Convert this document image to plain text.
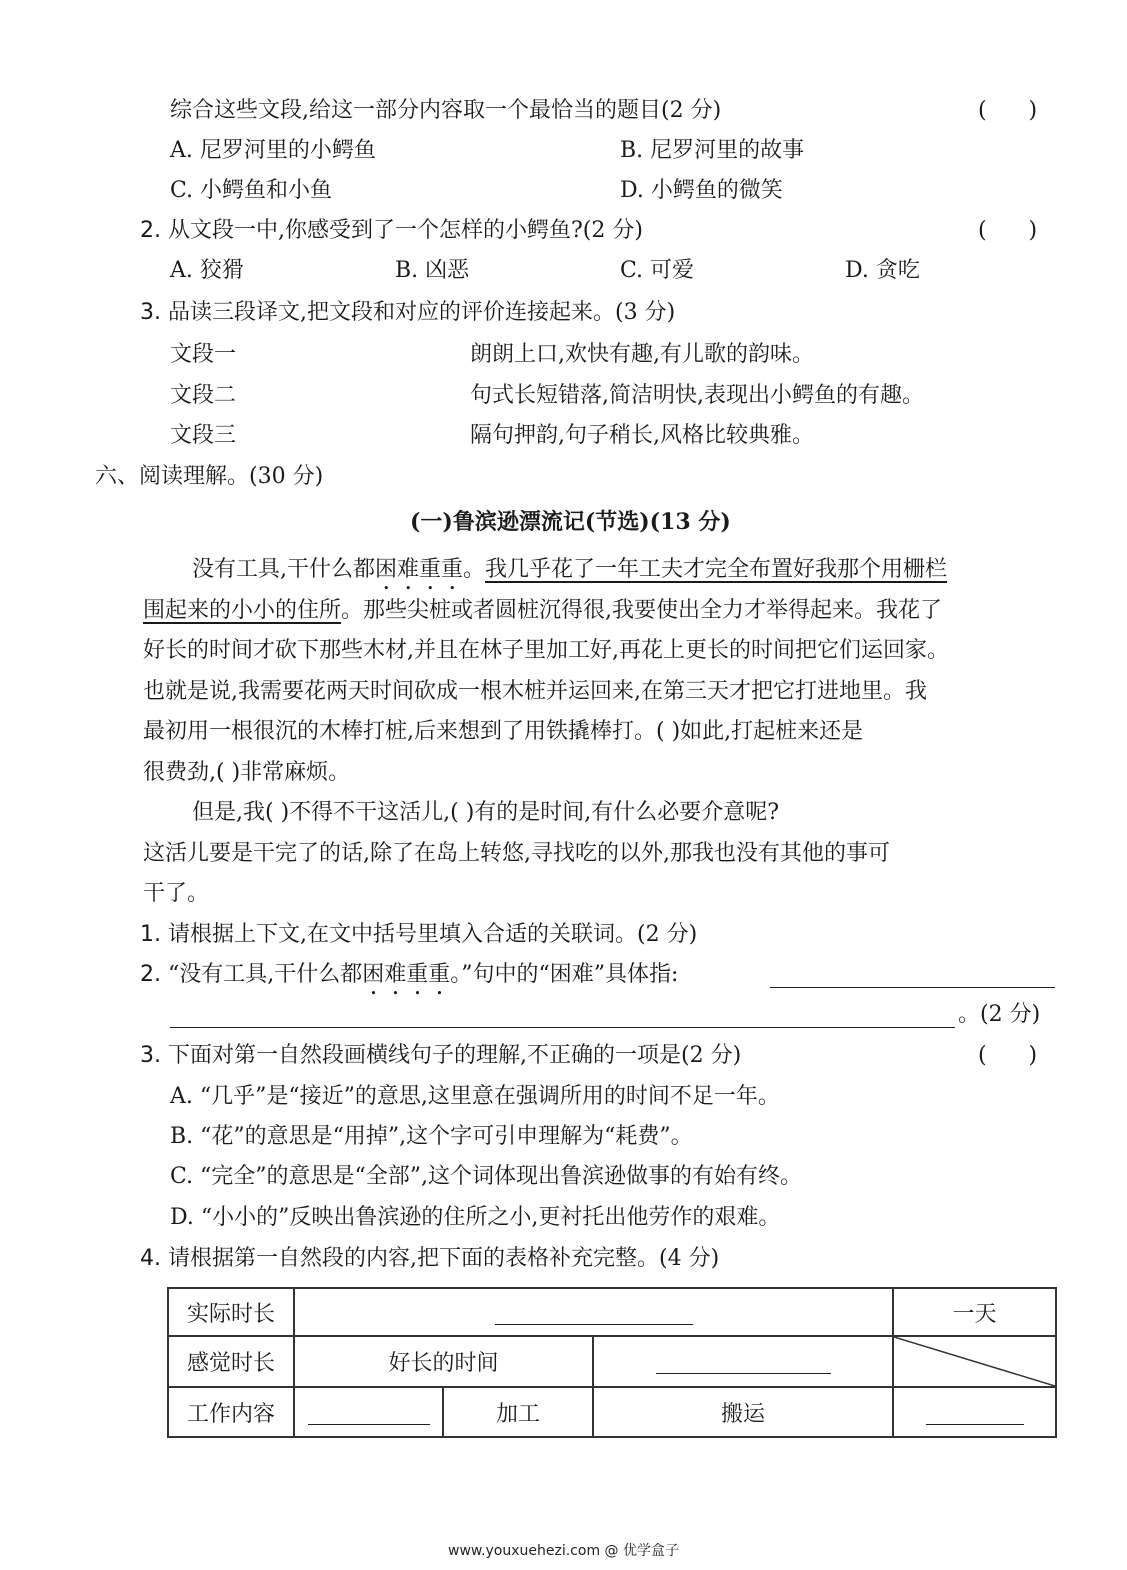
综合这些文段,给这一部分内容取一个最恰当的题目(2 分)	(      )
A. 尼罗河里的小鳄鱼	B. 尼罗河里的故事
C. 小鳄鱼和小鱼	D. 小鳄鱼的微笑
2. 从文段一中,你感受到了一个怎样的小鳄鱼?(2 分)	(      )
A. 狡猾	B. 凶恶	C. 可爱	D. 贪吃
3. 品读三段译文,把文段和对应的评价连接起来。(3 分)
文段一	朗朗上口,欢快有趣,有儿歌的韵味。
文段二	句式长短错落,简洁明快,表现出小鳄鱼的有趣。
文段三	隔句押韵,句子稍长,风格比较典雅。
六、阅读理解。(30 分)
(一)鲁滨逊漂流记(节选)(13 分)
没有工具,干什么都困难重重。我几乎花了一年工夫才完全布置好我那个用栅栏
围起来的小小的住所。那些尖桩或者圆桩沉得很,我要使出全力才举得起来。我花了
好长的时间才砍下那些木材,并且在林子里加工好,再花上更长的时间把它们运回家。
也就是说,我需要花两天时间砍成一根木桩并运回来,在第三天才把它打进地里。我
最初用一根很沉的木棒打桩,后来想到了用铁撬棒打。( )如此,打起桩来还是
很费劲,( )非常麻烦。
但是,我( )不得不干这活儿,( )有的是时间,有什么必要介意呢?
这活儿要是干完了的话,除了在岛上转悠,寻找吃的以外,那我也没有其他的事可
干了。
1. 请根据上下文,在文中括号里填入合适的关联词。(2 分)
2. “没有工具,干什么都困难重重。”句中的“困难”具体指:
。(2 分)
3. 下面对第一自然段画横线句子的理解,不正确的一项是(2 分)	(      )
A. “几乎”是“接近”的意思,这里意在强调所用的时间不足一年。
B. “花”的意思是“用掉”,这个字可引申理解为“耗费”。
C. “完全”的意思是“全部”,这个词体现出鲁滨逊做事的有始有终。
D. “小小的”反映出鲁滨逊的住所之小,更衬托出他劳作的艰难。
4. 请根据第一自然段的内容,把下面的表格补充完整。(4 分)
实际时长				一天
感觉时长	好长的时间		

工作内容		加工	搬运	
www.youxuehezi.com @ 优学盒子
